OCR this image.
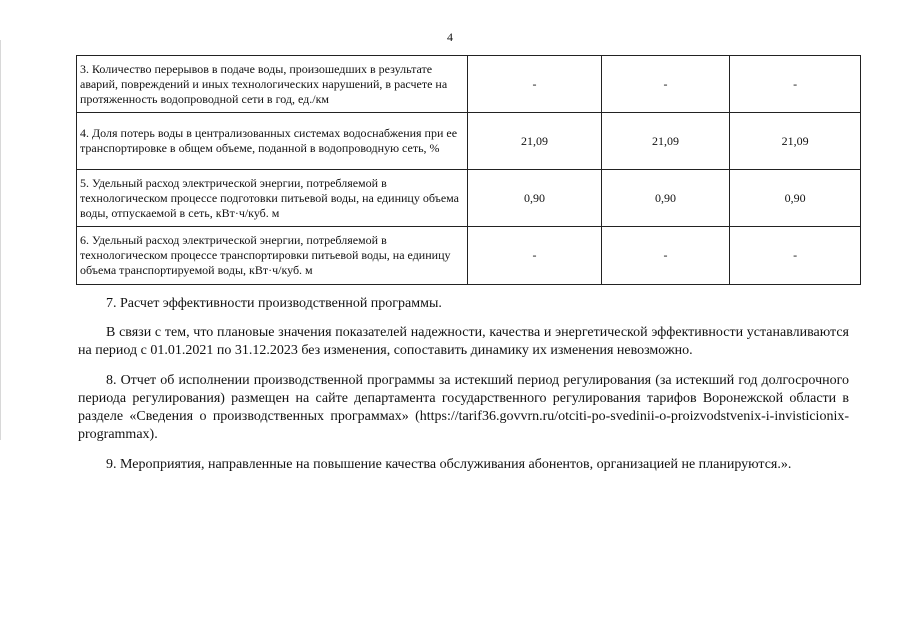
4
3. Количество перерывов в подаче воды, произошедших в результате аварий, повреждений и иных технологических нарушений, в расчете на протяженность водопроводной сети в год, ед./км	-	-	-
4. Доля потерь воды в централизованных системах водоснабжения при ее транспортировке в общем объеме, поданной в водопроводную сеть, %	21,09	21,09	21,09
5. Удельный расход электрической энергии, потребляемой в технологическом процессе подготовки питьевой воды, на единицу объема воды, отпускаемой в сеть, кВт·ч/куб. м	0,90	0,90	0,90
6. Удельный расход электрической энергии, потребляемой в технологическом процессе транспортировки питьевой воды, на единицу объема транспортируемой воды, кВт·ч/куб. м	-	-	-

7. Расчет эффективности производственной программы.

В связи с тем, что плановые значения показателей надежности, качества и энергетической эффективности устанавливаются на период с 01.01.2021 по 31.12.2023 без изменения, сопоставить динамику их изменения невозможно.

8. Отчет об исполнении производственной программы за истекший период регулирования (за истекший год долгосрочного периода регулирования) размещен на сайте департамента государственного регулирования тарифов Воронежской области в разделе «Сведения о производственных программах» (https://tarif36.govvrn.ru/otciti-po-svedinii-o-proizvodstvenix-i-invisticionix-programmax).

9. Мероприятия, направленные на повышение качества обслуживания абонентов, организацией не планируются.».
